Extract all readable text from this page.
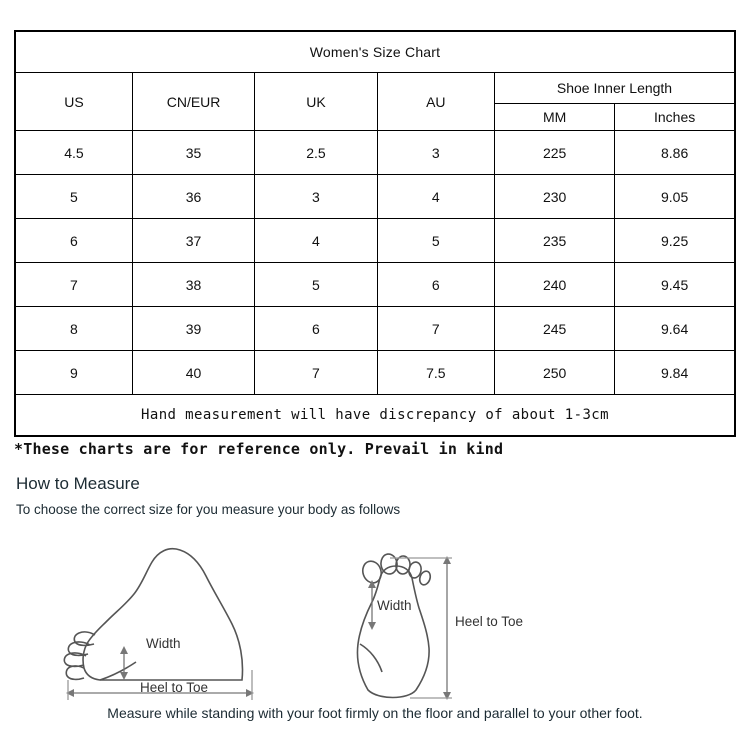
Women's Size Chart					
US	CN/EUR	UK	AU	Shoe Inner Length	
				MM	Inches
4.5	35	2.5	3	225	8.86
5	36	3	4	230	9.05
6	37	4	5	235	9.25
7	38	5	6	240	9.45
8	39	6	7	245	9.64
9	40	7	7.5	250	9.84
Hand measurement will have discrepancy of about 1-3cm					
*These charts are for reference only. Prevail in kind
How to Measure
To choose the correct size for you measure your body as follows
Width
Heel to Toe
Width
Heel to Toe
Measure while standing with your foot firmly on the floor and parallel to your other foot.
